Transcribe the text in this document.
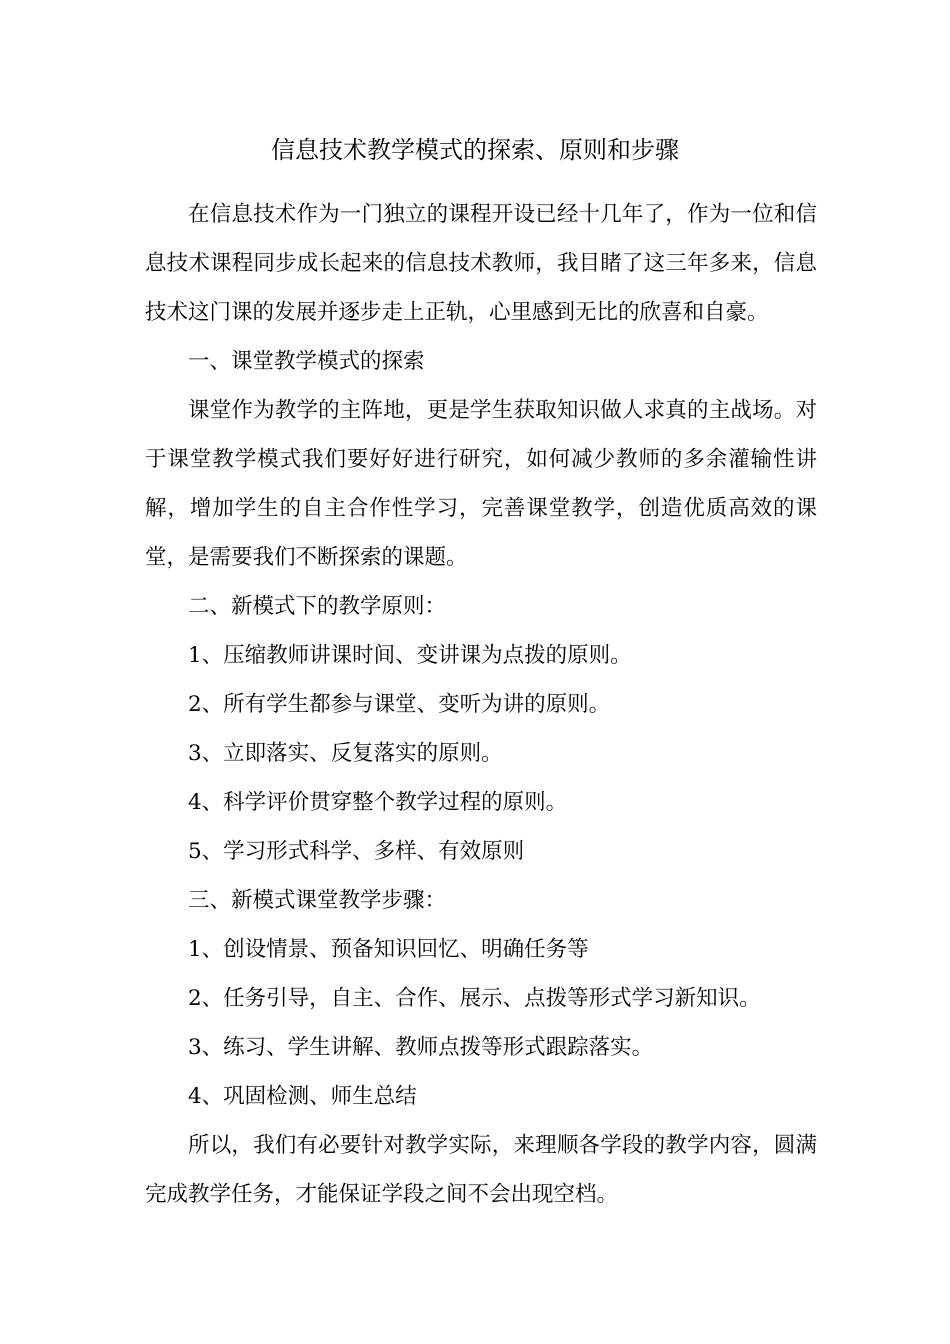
信息技术教学模式的探索、原则和步骤

在信息技术作为一门独立的课程开设已经十几年了，作为一位和信息技术课程同步成长起来的信息技术教师，我目睹了这三年多来，信息技术这门课的发展并逐步走上正轨，心里感到无比的欣喜和自豪。

一、课堂教学模式的探索

课堂作为教学的主阵地，更是学生获取知识做人求真的主战场。对于课堂教学模式我们要好好进行研究，如何减少教师的多余灌输性讲解，增加学生的自主合作性学习，完善课堂教学，创造优质高效的课堂，是需要我们不断探索的课题。

二、新模式下的教学原则：

1、压缩教师讲课时间、变讲课为点拨的原则。

2、所有学生都参与课堂、变听为讲的原则。

3、立即落实、反复落实的原则。

4、科学评价贯穿整个教学过程的原则。

5、学习形式科学、多样、有效原则

三、新模式课堂教学步骤：

1、创设情景、预备知识回忆、明确任务等

2、任务引导，自主、合作、展示、点拨等形式学习新知识。

3、练习、学生讲解、教师点拨等形式跟踪落实。

4、巩固检测、师生总结

所以，我们有必要针对教学实际，来理顺各学段的教学内容，圆满完成教学任务，才能保证学段之间不会出现空档。
